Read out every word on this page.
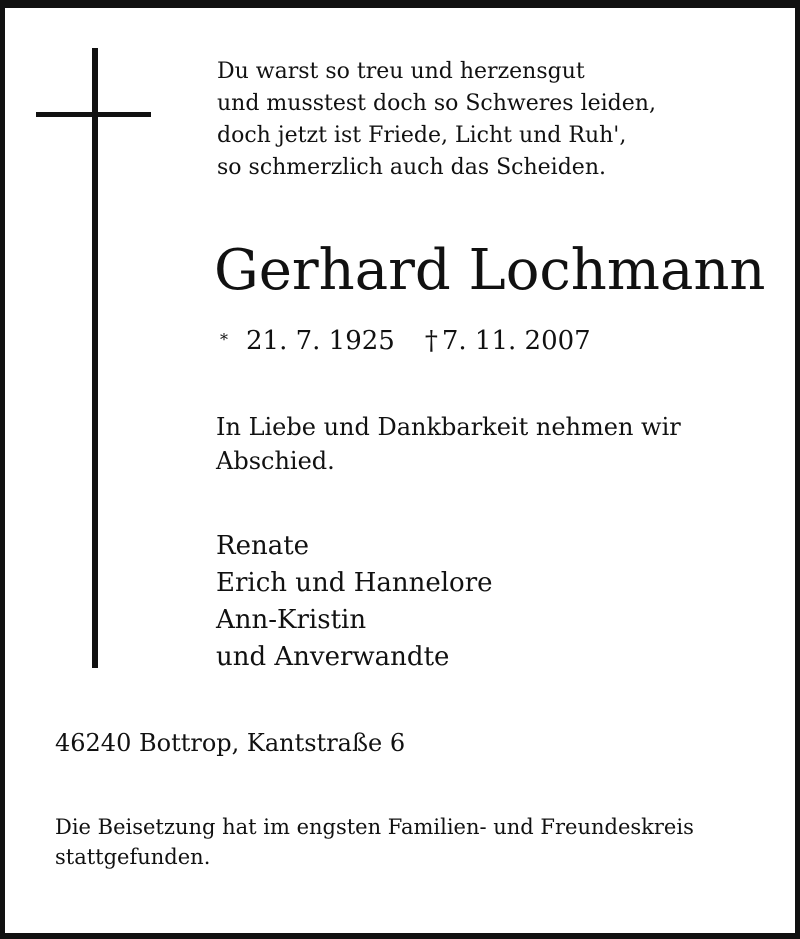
Du warst so treu und herzensgut
und musstest doch so Schweres leiden,
doch jetzt ist Friede, Licht und Ruh',
so schmerzlich auch das Scheiden.
Gerhard Lochmann
* 21. 7. 1925 † 7. 11. 2007
In Liebe und Dankbarkeit nehmen wir
Abschied.
Renate
Erich und Hannelore
Ann-Kristin
und Anverwandte
46240 Bottrop, Kantstraße 6
Die Beisetzung hat im engsten Familien- und Freundeskreis
stattgefunden.
